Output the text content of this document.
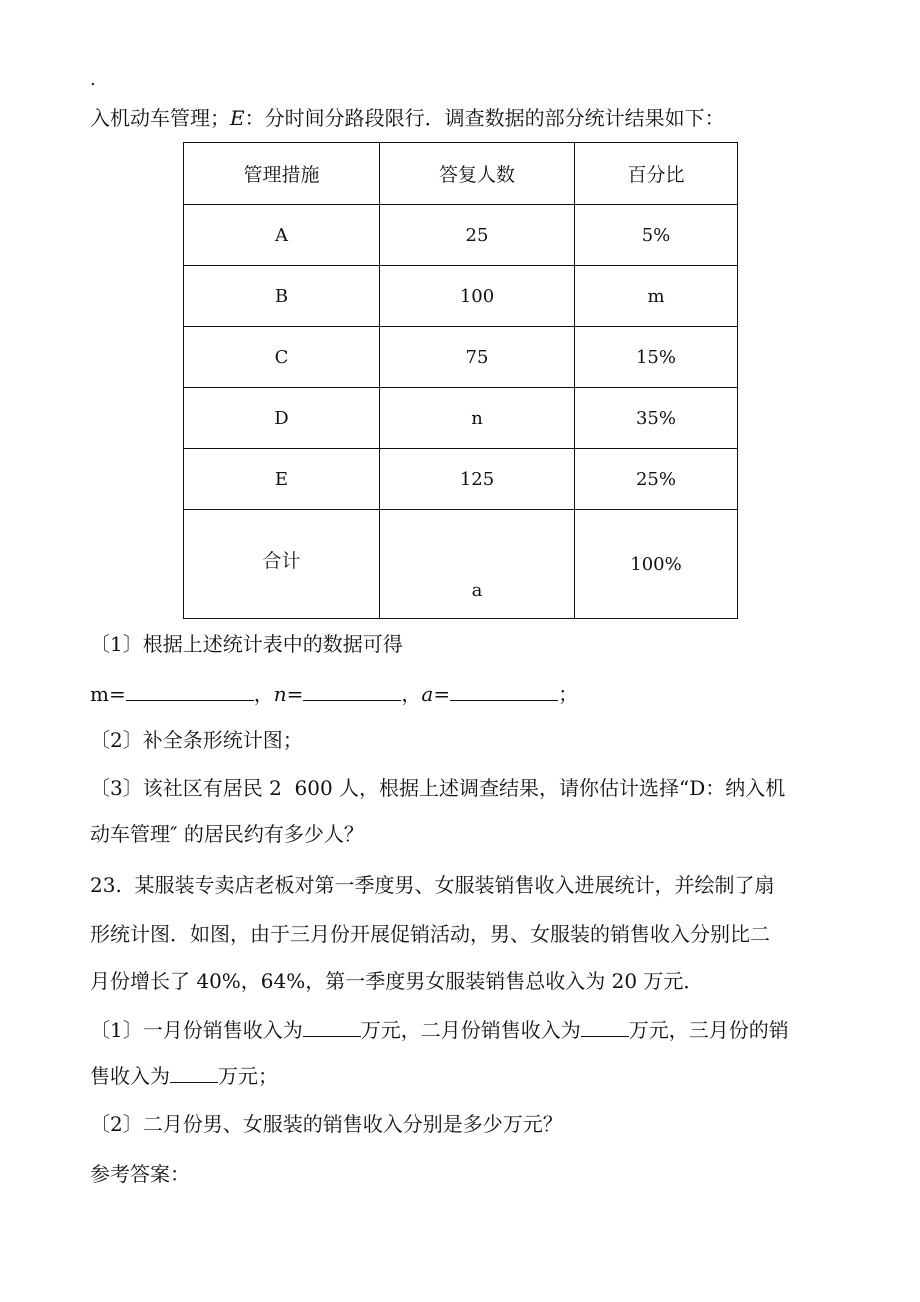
.
入机动车管理；E：分时间分路段限行．调查数据的部分统计结果如下：
管理措施	答复人数	百分比
A	25	5%
B	100	m
C	75	15%
D	n	35%
E	125	25%

合计	a	100%
〔1〕根据上述统计表中的数据可得
m=	，n=	，a=	；
〔2〕补全条形统计图；
〔3〕该社区有居民 2  600 人，根据上述调查结果，请你估计选择“D：纳入机
动车管理″ 的居民约有多少人？
23.  某服装专卖店老板对第一季度男、女服装销售收入进展统计，并绘制了扇
形统计图．如图，由于三月份开展促销活动，男、女服装的销售收入分别比二
月份增长了 40%，64%，第一季度男女服装销售总收入为 20 万元．
〔1〕一月份销售收入为	万元，二月份销售收入为 万元，三月份的销
售收入为 万元；
〔2〕二月份男、女服装的销售收入分别是多少万元？
参考答案：
